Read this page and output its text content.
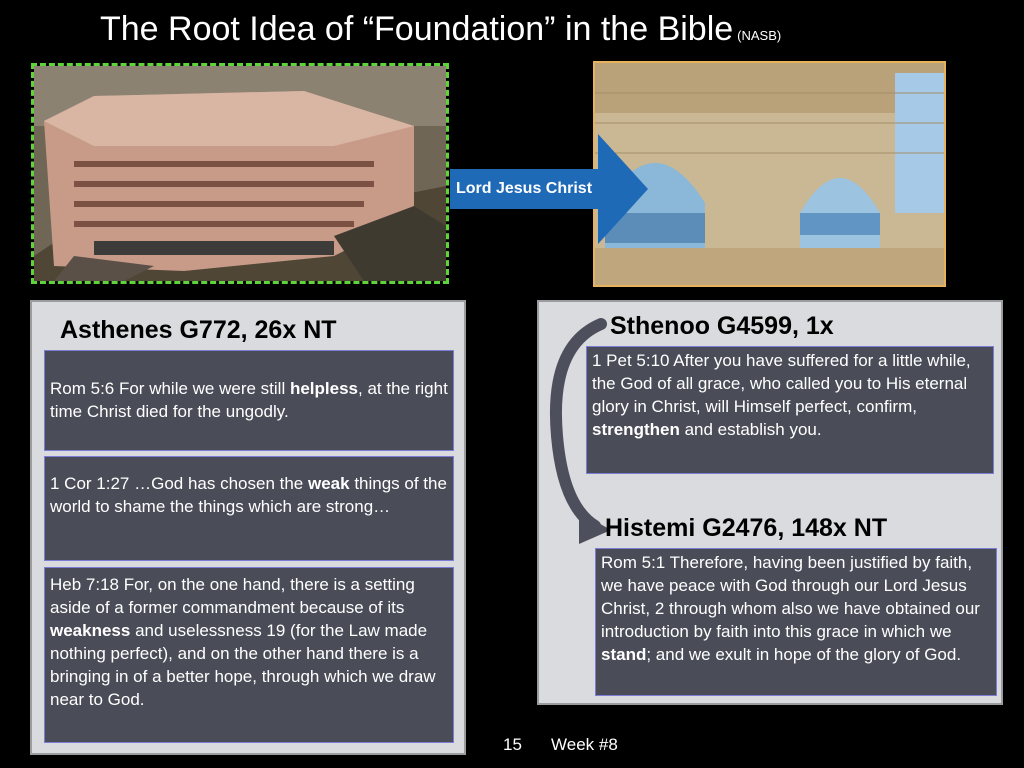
The Root Idea of “Foundation” in the Bible (NASB)
Lord Jesus Christ
Asthenes G772, 26x NT
Rom 5:6 For while we were still helpless, at the right time Christ died for the ungodly.
1 Cor 1:27 …God has chosen the weak things of the world to shame the things which are strong…
Heb 7:18 For, on the one hand, there is a setting aside of a former commandment because of its weakness and uselessness 19 (for the Law made nothing perfect), and on the other hand there is a bringing in of a better hope, through which we draw near to God.
Sthenoo G4599, 1x
1 Pet 5:10 After you have suffered for a little while, the God of all grace, who called you to His eternal glory in Christ, will Himself perfect, confirm, strengthen and establish you.
Histemi G2476, 148x NT
Rom 5:1 Therefore, having been justified by faith, we have peace with God through our Lord Jesus Christ, 2 through whom also we have obtained our introduction by faith into this grace in which we stand; and we exult in hope of the glory of God.
15 Week #8
